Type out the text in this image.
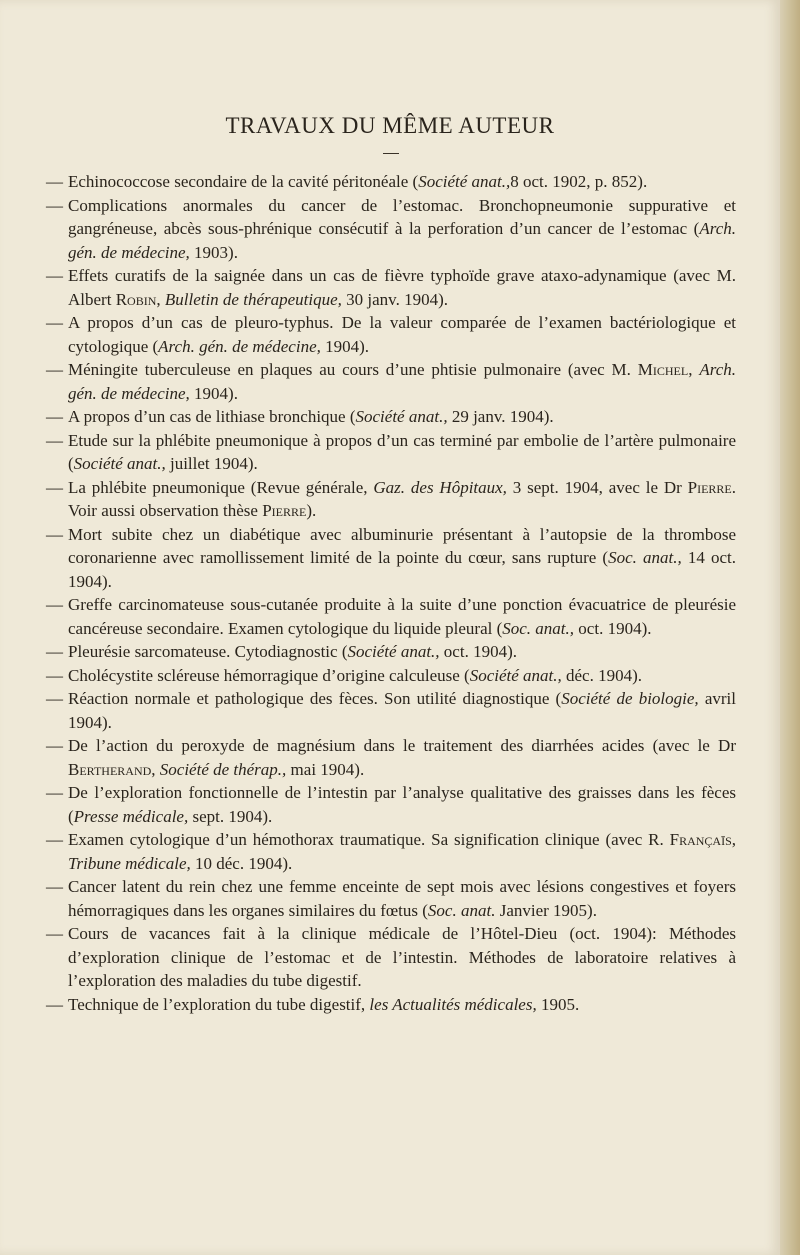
TRAVAUX DU MÊME AUTEUR
— Echinococcose secondaire de la cavité péritonéale (Société anat.,8 oct. 1902, p. 852).
— Complications anormales du cancer de l’estomac. Bronchopneumonie suppurative et gangréneuse, abcès sous-phrénique consécutif à la perforation d’un cancer de l’estomac (Arch. gén. de médecine, 1903).
— Effets curatifs de la saignée dans un cas de fièvre typhoïde grave ataxo-adynamique (avec M. Albert Robin, Bulletin de thérapeutique, 30 janv. 1904).
— A propos d’un cas de pleuro-typhus. De la valeur comparée de l’examen bactériologique et cytologique (Arch. gén. de médecine, 1904).
— Méningite tuberculeuse en plaques au cours d’une phtisie pulmonaire (avec M. Michel, Arch. gén. de médecine, 1904).
— A propos d’un cas de lithiase bronchique (Société anat., 29 janv. 1904).
— Etude sur la phlébite pneumonique à propos d’un cas terminé par embolie de l’artère pulmonaire (Société anat., juillet 1904).
— La phlébite pneumonique (Revue générale, Gaz. des Hôpitaux, 3 sept. 1904, avec le Dr Pierre. Voir aussi observation thèse Pierre).
— Mort subite chez un diabétique avec albuminurie présentant à l’autopsie de la thrombose coronarienne avec ramollissement limité de la pointe du cœur, sans rupture (Soc. anat., 14 oct. 1904).
— Greffe carcinomateuse sous-cutanée produite à la suite d’une ponction évacuatrice de pleurésie cancéreuse secondaire. Examen cytologique du liquide pleural (Soc. anat., oct. 1904).
— Pleurésie sarcomateuse. Cytodiagnostic (Société anat., oct. 1904).
— Cholécystite scléreuse hémorragique d’origine calculeuse (Société anat., déc. 1904).
— Réaction normale et pathologique des fèces. Son utilité diagnostique (Société de biologie, avril 1904).
— De l’action du peroxyde de magnésium dans le traitement des diarrhées acides (avec le Dr Bertherand, Société de thérap., mai 1904).
— De l’exploration fonctionnelle de l’intestin par l’analyse qualitative des graisses dans les fèces (Presse médicale, sept. 1904).
— Examen cytologique d’un hémothorax traumatique. Sa signification clinique (avec R. Françaīs, Tribune médicale, 10 déc. 1904).
— Cancer latent du rein chez une femme enceinte de sept mois avec lésions congestives et foyers hémorragiques dans les organes similaires du fœtus (Soc. anat. Janvier 1905).
— Cours de vacances fait à la clinique médicale de l’Hôtel-Dieu (oct. 1904): Méthodes d’exploration clinique de l’estomac et de l’intestin. Méthodes de laboratoire relatives à l’exploration des maladies du tube digestif.
— Technique de l’exploration du tube digestif, les Actualités médicales, 1905.
